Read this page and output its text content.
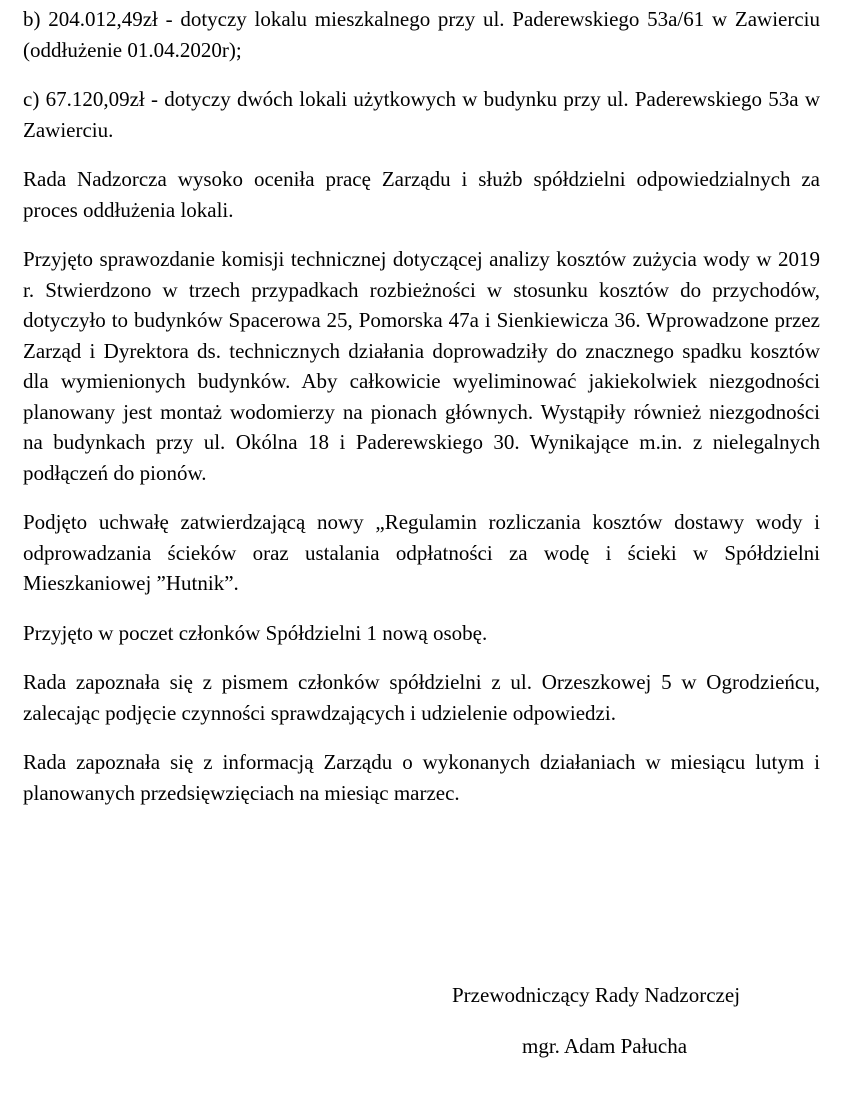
b) 204.012,49zł - dotyczy lokalu mieszkalnego przy ul. Paderewskiego 53a/61 w Zawierciu (oddłużenie 01.04.2020r);

c) 67.120,09zł - dotyczy dwóch lokali użytkowych w budynku przy ul. Paderewskiego 53a w Zawierciu.

Rada Nadzorcza wysoko oceniła pracę Zarządu i służb spółdzielni odpowiedzialnych za proces oddłużenia lokali.

Przyjęto sprawozdanie komisji technicznej dotyczącej analizy kosztów zużycia wody w 2019 r. Stwierdzono w trzech przypadkach rozbieżności w stosunku kosztów do przychodów, dotyczyło to budynków Spacerowa 25, Pomorska 47a i Sienkiewicza 36. Wprowadzone przez Zarząd i Dyrektora ds. technicznych działania doprowadziły do znacznego spadku kosztów dla wymienionych budynków. Aby całkowicie wyeliminować jakiekolwiek niezgodności planowany jest montaż wodomierzy na pionach głównych. Wystąpiły również niezgodności na budynkach przy ul. Okólna 18 i Paderewskiego 30. Wynikające m.in. z nielegalnych podłączeń do pionów.

Podjęto uchwałę zatwierdzającą nowy „Regulamin rozliczania kosztów dostawy wody i odprowadzania ścieków oraz ustalania odpłatności za wodę i ścieki w Spółdzielni Mieszkaniowej ”Hutnik”.

Przyjęto w poczet członków Spółdzielni 1 nową osobę.

Rada zapoznała się z pismem członków spółdzielni z ul. Orzeszkowej 5 w Ogrodzieńcu, zalecając podjęcie czynności sprawdzających i udzielenie odpowiedzi.

Rada zapoznała się z informacją Zarządu o wykonanych działaniach w miesiącu lutym i planowanych przedsięwzięciach na miesiąc marzec.

Przewodniczący Rady Nadzorczej
mgr. Adam Pałucha
